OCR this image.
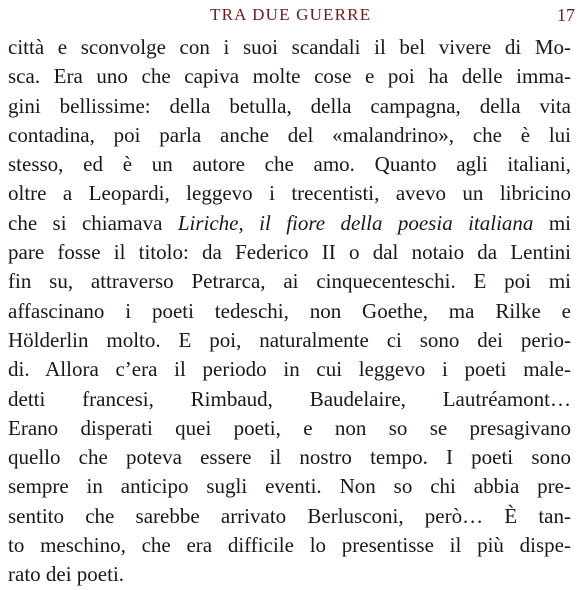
TRA DUE GUERRE	17
città e sconvolge con i suoi scandali il bel vivere di Mo-
sca. Era uno che capiva molte cose e poi ha delle imma-
gini bellissime: della betulla, della campagna, della vita
contadina, poi parla anche del «malandrino», che è lui
stesso, ed è un autore che amo. Quanto agli italiani,
oltre a Leopardi, leggevo i trecentisti, avevo un libricino
che si chiamava Liriche, il fiore della poesia italiana mi
pare fosse il titolo: da Federico II o dal notaio da Lentini
fin su, attraverso Petrarca, ai cinquecenteschi. E poi mi
affascinano i poeti tedeschi, non Goethe, ma Rilke e
Hölderlin molto. E poi, naturalmente ci sono dei perio-
di. Allora c’era il periodo in cui leggevo i poeti male-
detti francesi, Rimbaud, Baudelaire, Lautréamont…
Erano disperati quei poeti, e non so se presagivano
quello che poteva essere il nostro tempo. I poeti sono
sempre in anticipo sugli eventi. Non so chi abbia pre-
sentito che sarebbe arrivato Berlusconi, però… È tan-
to meschino, che era difficile lo presentisse il più dispe-
rato dei poeti.
